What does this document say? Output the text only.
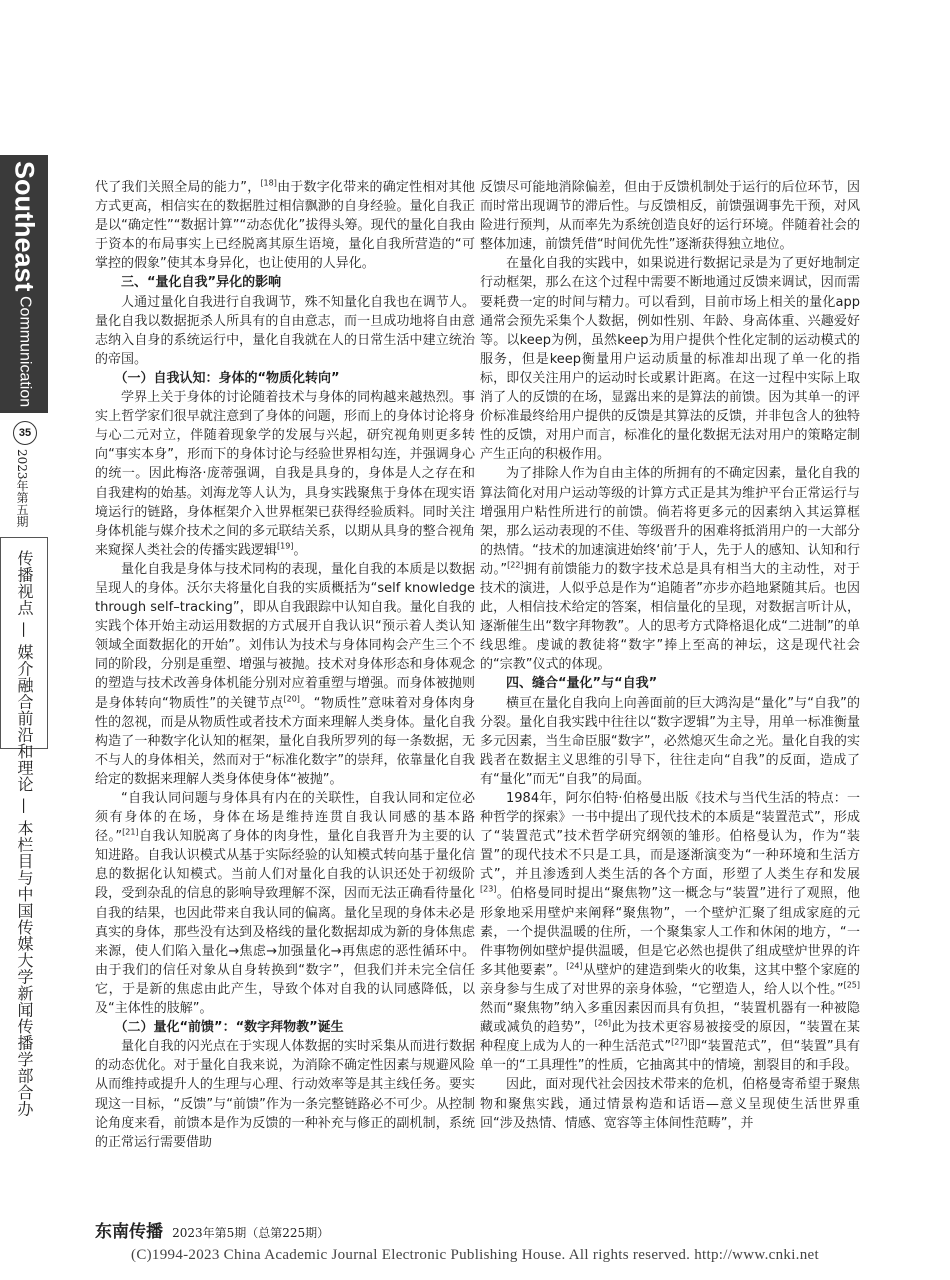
Southeast Communication
35
2023年第五期
传播视点 — 媒介融合前沿和理论 — 本栏目与中国传媒大学新闻传播学部合办

代了我们关照全局的能力”，[18]由于数字化带来的确定性相对其他方式更高，相信实在的数据胜过相信飘渺的自身经验。量化自我正是以“确定性”“数据计算”“动态优化”拔得头筹。现代的量化自我由于资本的布局事实上已经脱离其原生语境，量化自我所营造的“可掌控的假象”使其本身异化，也让使用的人异化。

三、“量化自我”异化的影响

人通过量化自我进行自我调节，殊不知量化自我也在调节人。量化自我以数据扼杀人所具有的自由意志，而一旦成功地将自由意志纳入自身的系统运行中，量化自我就在人的日常生活中建立统治的帝国。

（一）自我认知：身体的“物质化转向”

学界上关于身体的讨论随着技术与身体的同构越来越热烈。事实上哲学家们很早就注意到了身体的问题，形而上的身体讨论将身与心二元对立，伴随着现象学的发展与兴起，研究视角则更多转向“事实本身”，形而下的身体讨论与经验世界相勾连，并强调身心的统一。因此梅洛·庞蒂强调，自我是具身的，身体是人之存在和自我建构的始基。刘海龙等人认为，具身实践聚焦于身体在现实语境运行的链路，身体框架介入世界框架已获得经验质料。同时关注身体机能与媒介技术之间的多元联结关系，以期从具身的整合视角来窥探人类社会的传播实践逻辑[19]。

量化自我是身体与技术同构的表现，量化自我的本质是以数据呈现人的身体。沃尔夫将量化自我的实质概括为“self knowledge through self–tracking”，即从自我跟踪中认知自我。量化自我的实践个体开始主动运用数据的方式展开自我认识“预示着人类认知领域全面数据化的开始”。刘伟认为技术与身体同构会产生三个不同的阶段，分别是重塑、增强与被抛。技术对身体形态和身体观念的塑造与技术改善身体机能分别对应着重塑与增强。而身体被抛则是身体转向“物质性”的关键节点[20]。“物质性”意味着对身体肉身性的忽视，而是从物质性或者技术方面来理解人类身体。量化自我构造了一种数字化认知的框架，量化自我所罗列的每一条数据，无不与人的身体相关，然而对于“标准化数字”的崇拜，依靠量化自我给定的数据来理解人类身体使身体“被抛”。

“自我认同问题与身体具有内在的关联性，自我认同和定位必须有身体的在场，身体在场是维持连贯自我认同感的基本路径。”[21]自我认知脱离了身体的肉身性，量化自我晋升为主要的认知进路。自我认识模式从基于实际经验的认知模式转向基于量化信息的数据化认知模式。当前人们对量化自我的认识还处于初级阶段，受到杂乱的信息的影响导致理解不深，因而无法正确看待量化自我的结果，也因此带来自我认同的偏离。量化呈现的身体未必是真实的身体，那些没有达到及格线的量化数据却成为新的身体焦虑来源，使人们陷入量化→焦虑→加强量化→再焦虑的恶性循环中。由于我们的信任对象从自身转换到“数字”，但我们并未完全信任它，于是新的焦虑由此产生，导致个体对自我的认同感降低，以及“主体性的肢解”。

（二）量化“前馈”：“数字拜物教”诞生

量化自我的闪光点在于实现人体数据的实时采集从而进行数据的动态优化。对于量化自我来说，为消除不确定性因素与规避风险从而维持或提升人的生理与心理、行动效率等是其主线任务。要实现这一目标，“反馈”与“前馈”作为一条完整链路必不可少。从控制论角度来看，前馈本是作为反馈的一种补充与修正的副机制，系统的正常运行需要借助

反馈尽可能地消除偏差，但由于反馈机制处于运行的后位环节，因而时常出现调节的滞后性。与反馈相反，前馈强调事先干预，对风险进行预判，从而率先为系统创造良好的运行环境。伴随着社会的整体加速，前馈凭借“时间优先性”逐渐获得独立地位。

在量化自我的实践中，如果说进行数据记录是为了更好地制定行动框架，那么在这个过程中需要不断地通过反馈来调试，因而需要耗费一定的时间与精力。可以看到，目前市场上相关的量化app通常会预先采集个人数据，例如性别、年龄、身高体重、兴趣爱好等。以keep为例，虽然keep为用户提供个性化定制的运动模式的服务，但是keep衡量用户运动质量的标准却出现了单一化的指标，即仅关注用户的运动时长或累计距离。在这一过程中实际上取消了人的反馈的在场，显露出来的是算法的前馈。因为其单一的评价标准最终给用户提供的反馈是其算法的反馈，并非包含人的独特性的反馈，对用户而言，标准化的量化数据无法对用户的策略定制产生正向的积极作用。

为了排除人作为自由主体的所拥有的不确定因素，量化自我的算法简化对用户运动等级的计算方式正是其为维护平台正常运行与增强用户粘性所进行的前馈。倘若将更多元的因素纳入其运算框架，那么运动表现的不佳、等级晋升的困难将抵消用户的一大部分的热情。“技术的加速演进始终‘前’于人，先于人的感知、认知和行动。”[22]拥有前馈能力的数字技术总是具有相当大的主动性，对于技术的演进，人似乎总是作为“追随者”亦步亦趋地紧随其后。也因此，人相信技术给定的答案，相信量化的呈现，对数据言听计从，逐渐催生出“数字拜物教”。人的思考方式降格退化成“二进制”的单线思维。虔诚的教徒将“数字”捧上至高的神坛，这是现代社会的“宗教”仪式的体现。

四、缝合“量化”与“自我”

横亘在量化自我向上向善面前的巨大鸿沟是“量化”与“自我”的分裂。量化自我实践中往往以“数字逻辑”为主导，用单一标准衡量多元因素，当生命臣服“数字”，必然熄灭生命之光。量化自我的实践者在数据主义思维的引导下，往往走向“自我”的反面，造成了有“量化”而无“自我”的局面。

1984年，阿尔伯特·伯格曼出版《技术与当代生活的特点：一种哲学的探索》一书中提出了现代技术的本质是“装置范式”，形成了“装置范式”技术哲学研究纲领的雏形。伯格曼认为，作为“装置”的现代技术不只是工具，而是逐渐演变为“一种环境和生活方式”，并且渗透到人类生活的各个方面，形塑了人类生存和发展[23]。伯格曼同时提出“聚焦物”这一概念与“装置”进行了观照，他形象地采用壁炉来阐释“聚焦物”，一个壁炉汇聚了组成家庭的元素，一个提供温暖的住所，一个聚集家人工作和休闲的地方，“一件事物例如壁炉提供温暖，但是它必然也提供了组成壁炉世界的许多其他要素”。[24]从壁炉的建造到柴火的收集，这其中整个家庭的亲身参与生成了对世界的亲身体验，“它塑造人，给人以个性。”[25]然而“聚焦物”纳入多重因素因而具有负担，“装置机器有一种被隐藏或减负的趋势”，[26]此为技术更容易被接受的原因，“装置在某种程度上成为人的一种生活范式”[27]即“装置范式”，但“装置”具有单一的“工具理性”的性质，它抽离其中的情境，割裂目的和手段。

因此，面对现代社会因技术带来的危机，伯格曼寄希望于聚焦物和聚焦实践，通过情景构造和话语—意义呈现使生活世界重回“涉及热情、情感、宽容等主体间性范畴”，并

东南传播 2023年第5期（总第225期）
(C)1994-2023 China Academic Journal Electronic Publishing House. All rights reserved. http://www.cnki.net
